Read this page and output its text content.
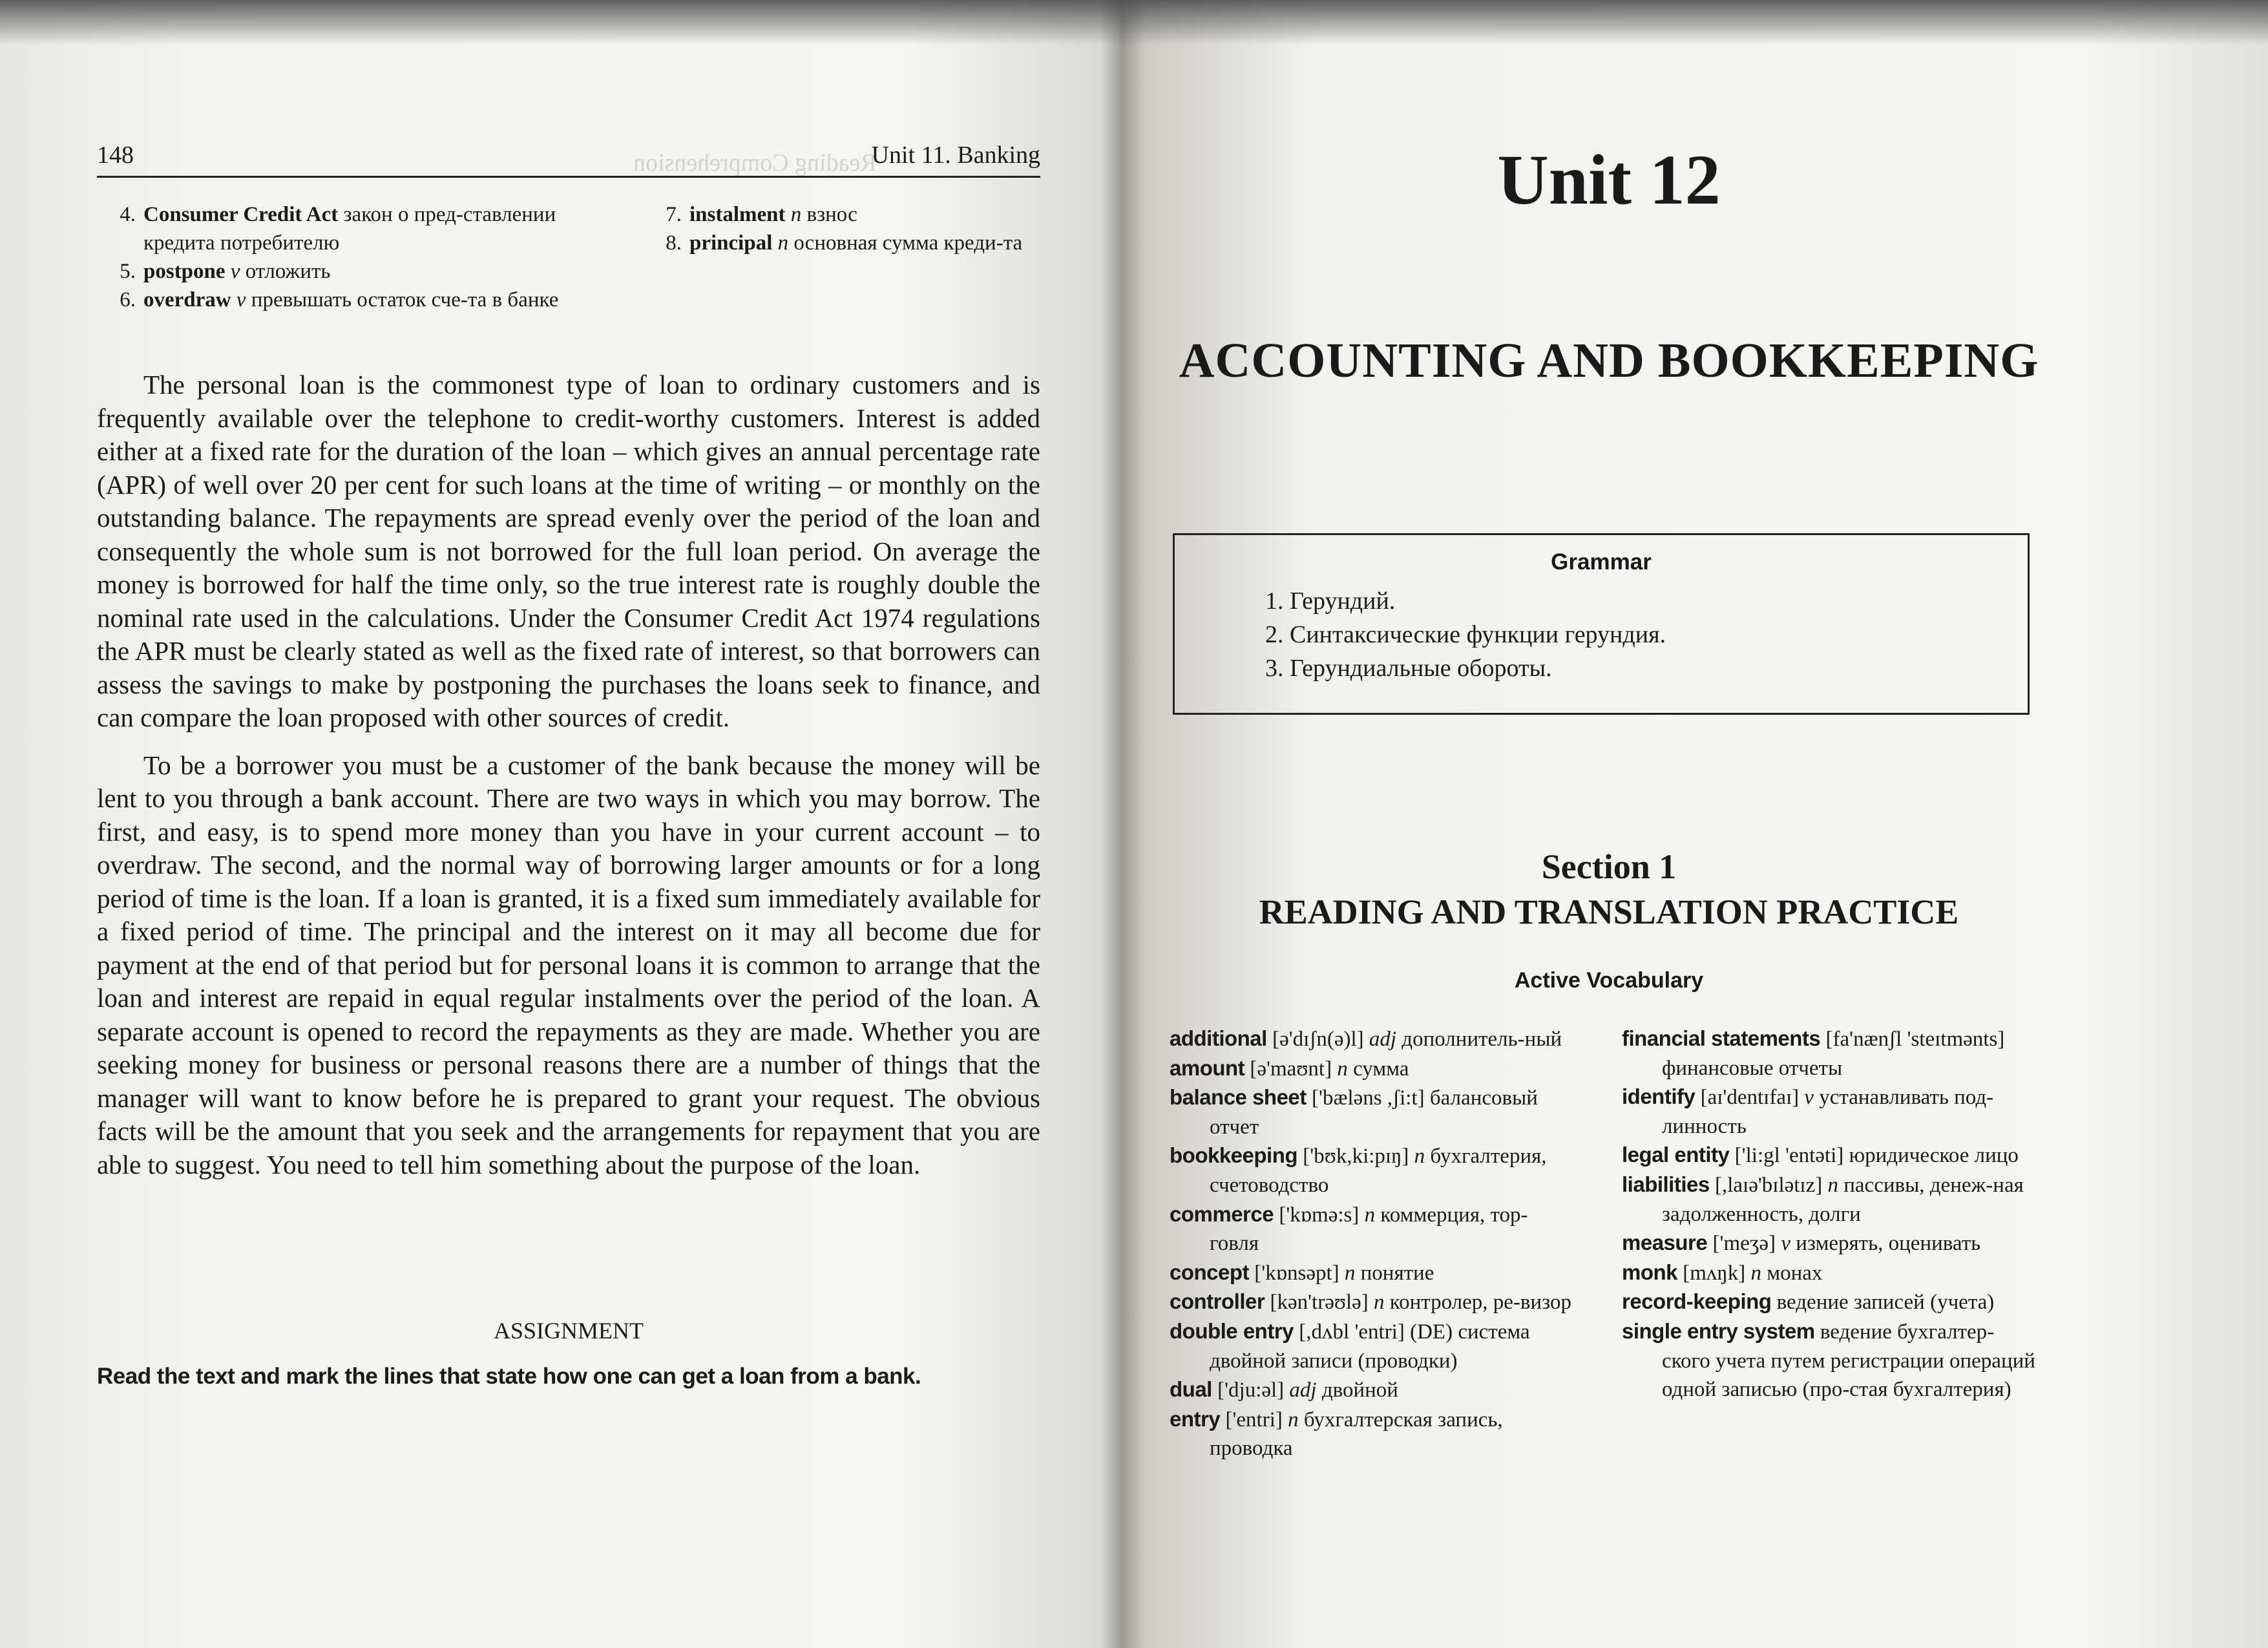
148	Unit 11. Banking
4. Consumer Credit Act закон о пред-ставлении кредита потребителю
5. postpone v отложить
6. overdraw v превышать остаток сче-та в банке
7. instalment n взнос
8. principal n основная сумма креди-та

The personal loan is the commonest type of loan to ordinary customers and is frequently available over the telephone to credit-worthy customers. Interest is added either at a fixed rate for the duration of the loan – which gives an annual percentage rate (APR) of well over 20 per cent for such loans at the time of writing – or monthly on the outstanding balance. The repayments are spread evenly over the period of the loan and consequently the whole sum is not borrowed for the full loan period. On average the money is borrowed for half the time only, so the true interest rate is roughly double the nominal rate used in the calculations. Under the Consumer Credit Act 1974 regulations the APR must be clearly stated as well as the fixed rate of interest, so that borrowers can assess the savings to make by postponing the purchases the loans seek to finance, and can compare the loan proposed with other sources of credit.

To be a borrower you must be a customer of the bank because the money will be lent to you through a bank account. There are two ways in which you may borrow. The first, and easy, is to spend more money than you have in your current account – to overdraw. The second, and the normal way of borrowing larger amounts or for a long period of time is the loan. If a loan is granted, it is a fixed sum immediately available for a fixed period of time. The principal and the interest on it may all become due for payment at the end of that period but for personal loans it is common to arrange that the loan and interest are repaid in equal regular instalments over the period of the loan. A separate account is opened to record the repayments as they are made. Whether you are seeking money for business or personal reasons there are a number of things that the manager will want to know before he is prepared to grant your request. The obvious facts will be the amount that you seek and the arrangements for repayment that you are able to suggest. You need to tell him something about the purpose of the loan.

ASSIGNMENT
Read the text and mark the lines that state how one can get a loan from a bank.
Unit 12
ACCOUNTING AND BOOKKEEPING
Grammar
1. Герундий.
2. Синтаксические функции герундия.
3. Герундиальные обороты.
Section 1
READING AND TRANSLATION PRACTICE
Active Vocabulary
additional [ə'dɪʃn(ə)l] adj дополнитель-ный
amount [ə'maʊnt] n сумма
balance sheet ['bæləns ,ʃi:t] балансовый отчет
bookkeeping ['bʊk,ki:pɪŋ] n бухгалтерия, счетоводство
commerce ['kɒmə:s] n коммерция, тор-говля
concept ['kɒnsəpt] n понятие
controller [kən'trəʊlə] n контролер, ре-визор
double entry [,dʌbl 'entri] (DE) система двойной записи (проводки)
dual ['dju:əl] adj двойной
entry ['entri] n бухгалтерская запись, проводка
financial statements [fa'nænʃl 'steɪtmənts] финансовые отчеты
identify [aɪ'dentɪfaɪ] v устанавливать под-линность
legal entity ['li:gl 'entəti] юридическое лицо
liabilities [,laɪə'bɪlətɪz] n пассивы, денеж-ная задолженность, долги
measure ['meʒə] v измерять, оценивать
monk [mʌŋk] n монах
record-keeping ведение записей (учета)
single entry system ведение бухгалтер-ского учета путем регистрации операций одной записью (про-стая бухгалтерия)
